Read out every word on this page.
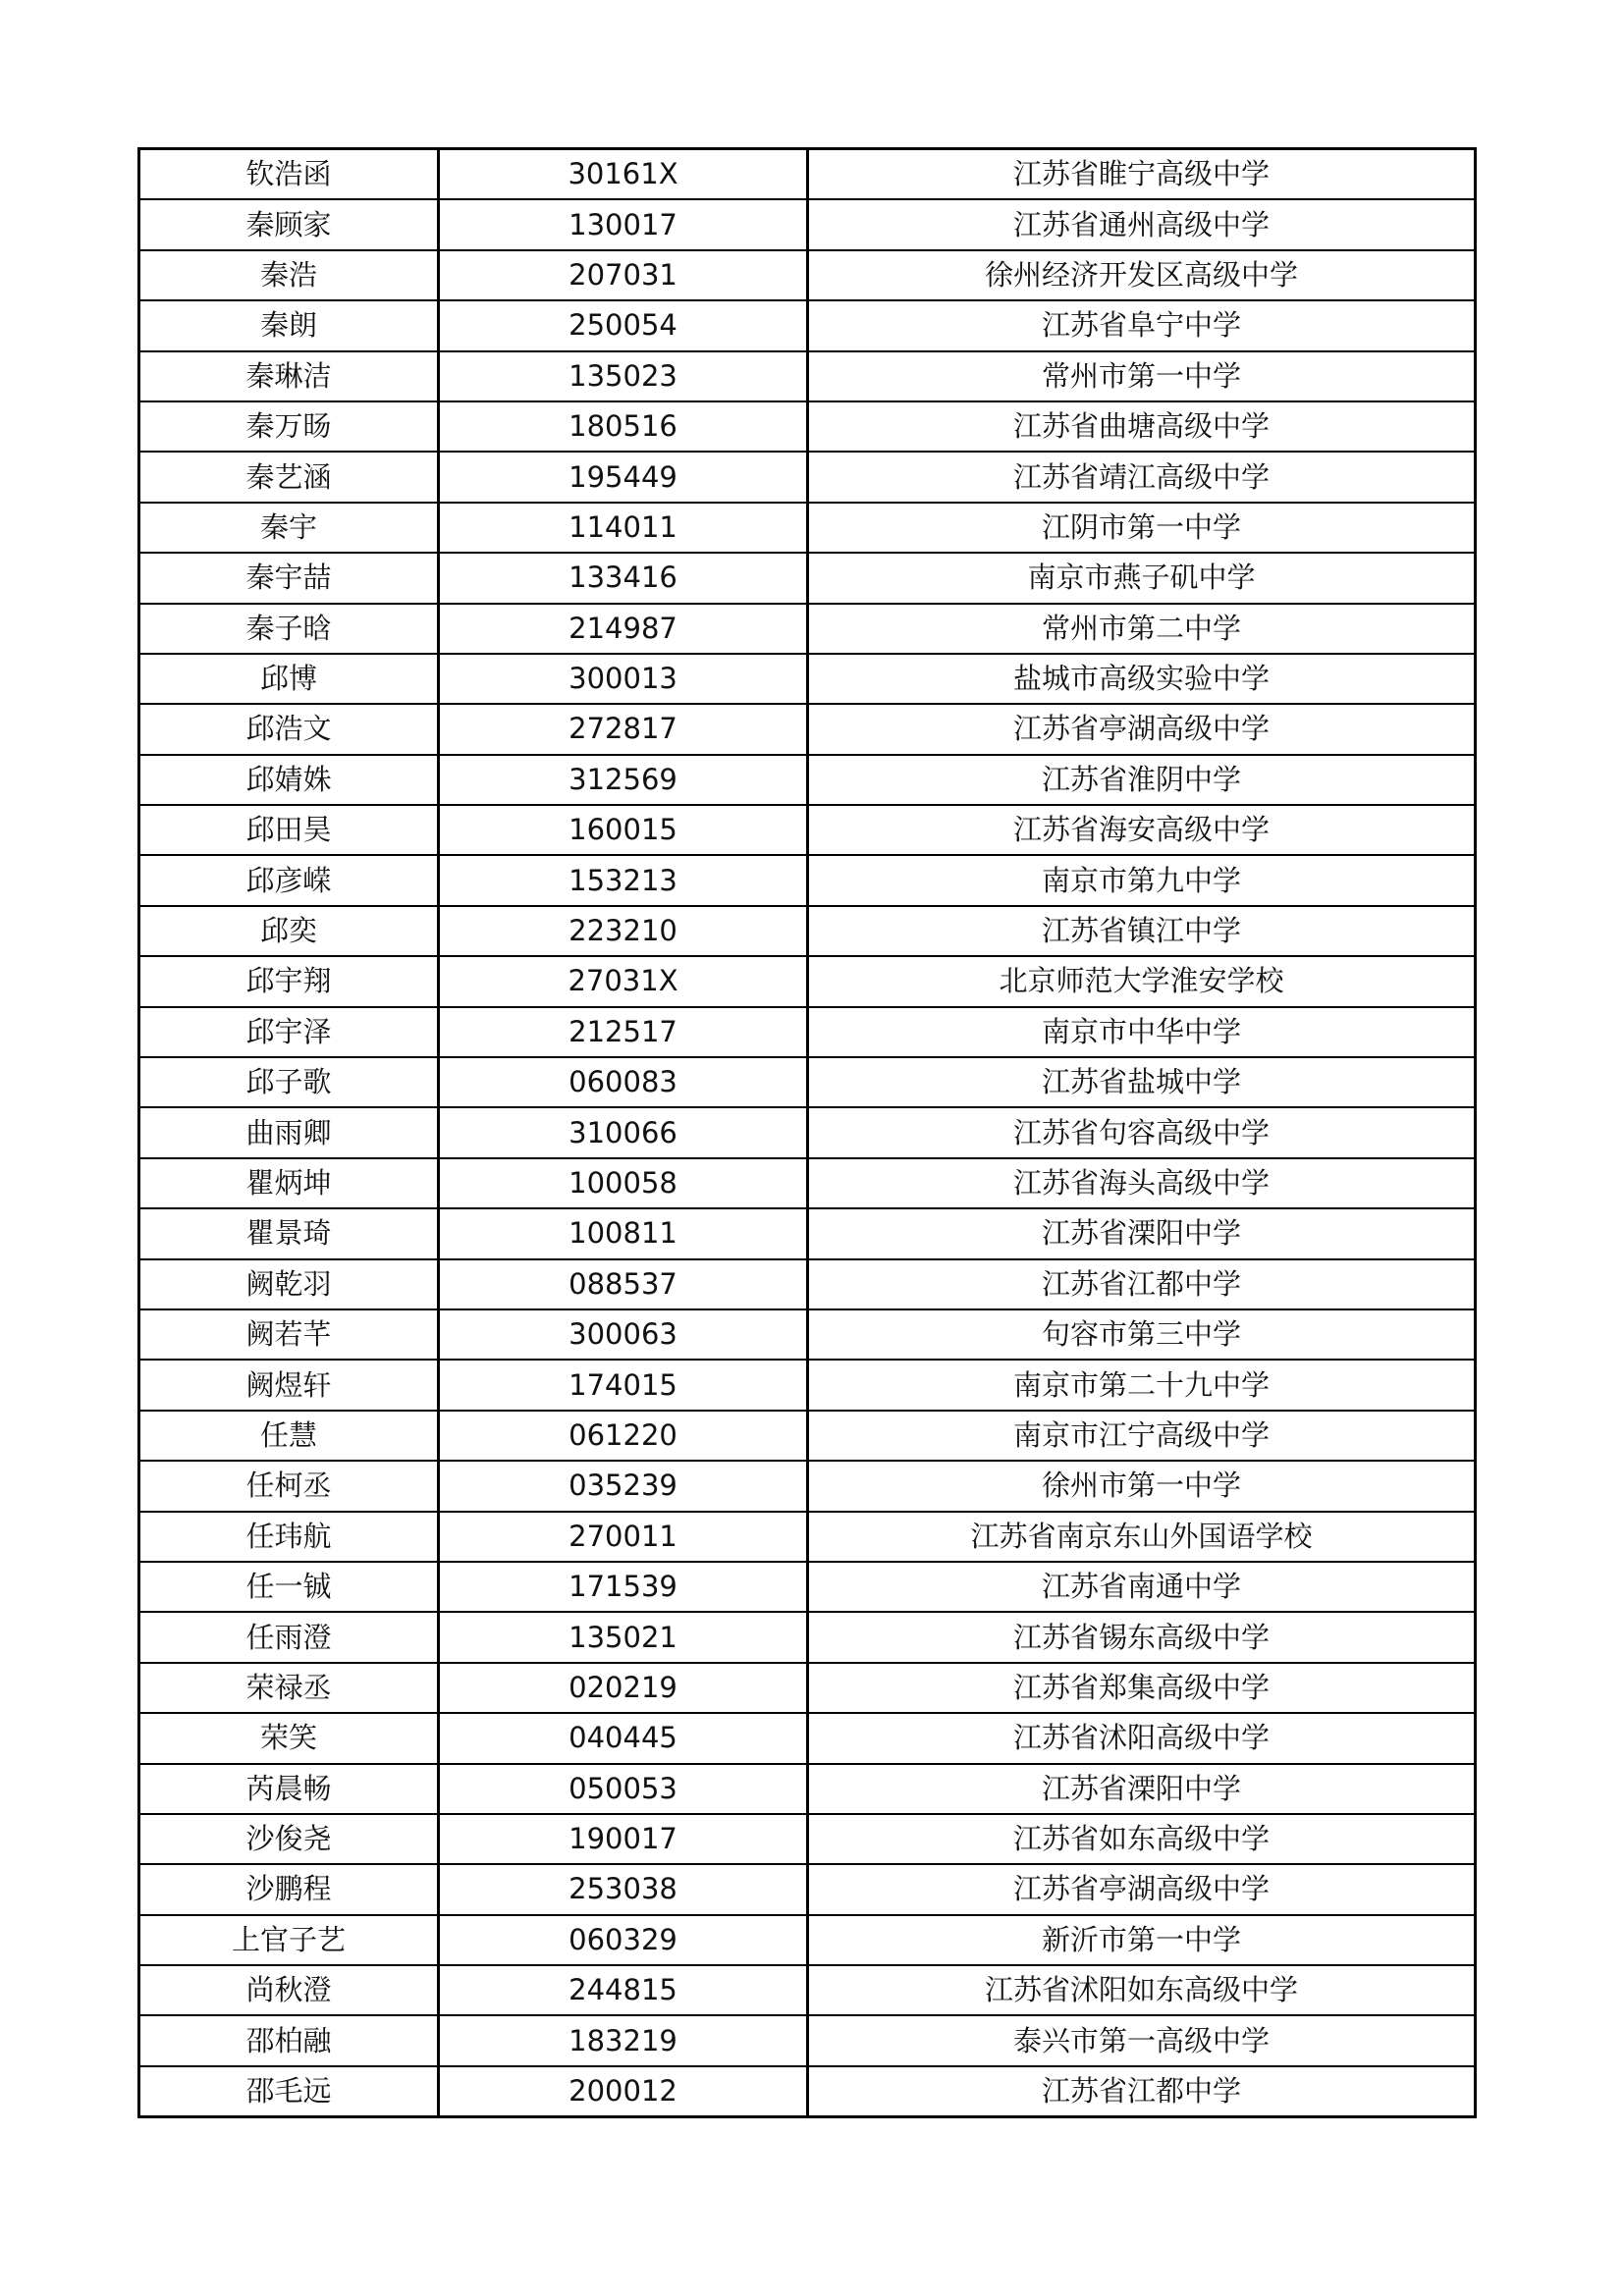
钦浩函	30161X	江苏省睢宁高级中学
秦顾家	130017	江苏省通州高级中学
秦浩	207031	徐州经济开发区高级中学
秦朗	250054	江苏省阜宁中学
秦琳洁	135023	常州市第一中学
秦万旸	180516	江苏省曲塘高级中学
秦艺涵	195449	江苏省靖江高级中学
秦宇	114011	江阴市第一中学
秦宇喆	133416	南京市燕子矶中学
秦子晗	214987	常州市第二中学
邱博	300013	盐城市高级实验中学
邱浩文	272817	江苏省亭湖高级中学
邱婧姝	312569	江苏省淮阴中学
邱田昊	160015	江苏省海安高级中学
邱彦嵘	153213	南京市第九中学
邱奕	223210	江苏省镇江中学
邱宇翔	27031X	北京师范大学淮安学校
邱宇泽	212517	南京市中华中学
邱子歌	060083	江苏省盐城中学
曲雨卿	310066	江苏省句容高级中学
瞿炳坤	100058	江苏省海头高级中学
瞿景琦	100811	江苏省溧阳中学
阙乾羽	088537	江苏省江都中学
阙若芊	300063	句容市第三中学
阙煜轩	174015	南京市第二十九中学
任慧	061220	南京市江宁高级中学
任柯丞	035239	徐州市第一中学
任玮航	270011	江苏省南京东山外国语学校
任一铖	171539	江苏省南通中学
任雨澄	135021	江苏省锡东高级中学
荣禄丞	020219	江苏省郑集高级中学
荣笑	040445	江苏省沭阳高级中学
芮晨畅	050053	江苏省溧阳中学
沙俊尧	190017	江苏省如东高级中学
沙鹏程	253038	江苏省亭湖高级中学
上官子艺	060329	新沂市第一中学
尚秋澄	244815	江苏省沭阳如东高级中学
邵柏融	183219	泰兴市第一高级中学
邵毛远	200012	江苏省江都中学
